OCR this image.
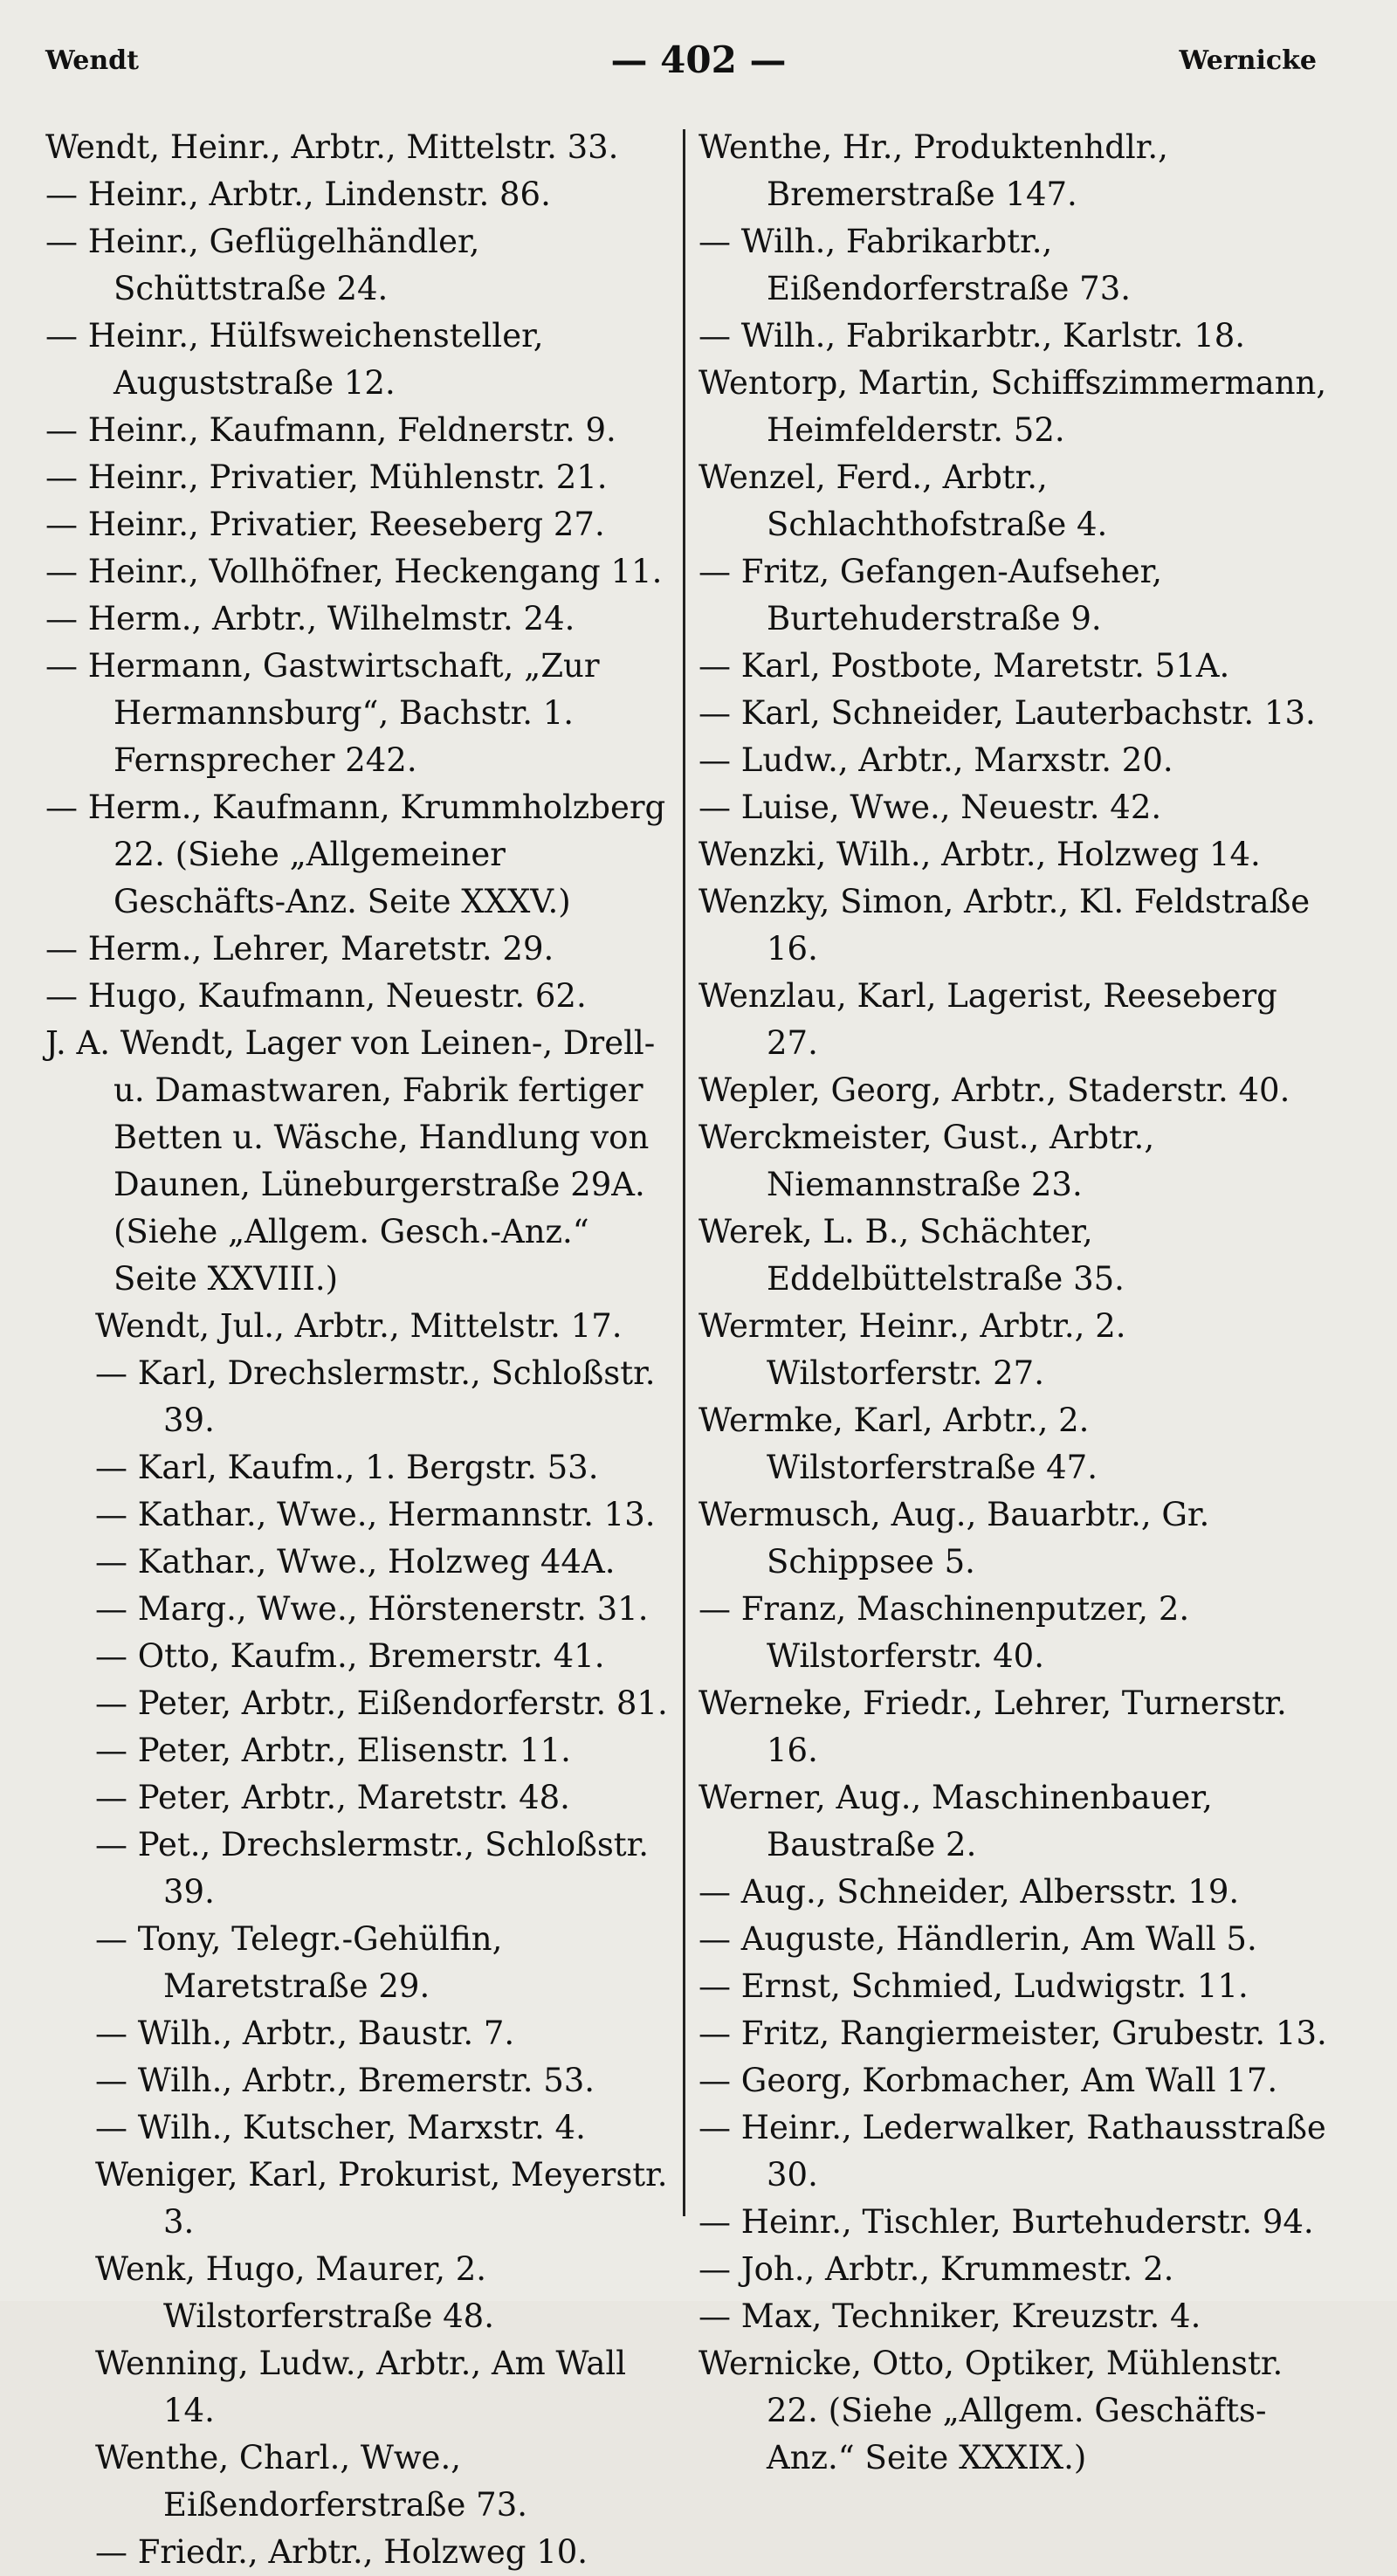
Wendt	— 402 —	Wernicke
Wendt, Heinr., Arbtr., Mittelstr. 33.
— Heinr., Arbtr., Lindenstr. 86.
— Heinr., Geflügelhändler, Schüttstraße 24.
— Heinr., Hülfsweichensteller, Auguststraße 12.
— Heinr., Kaufmann, Feldnerstr. 9.
— Heinr., Privatier, Mühlenstr. 21.
— Heinr., Privatier, Reeseberg 27.
— Heinr., Vollhöfner, Heckengang 11.
— Herm., Arbtr., Wilhelmstr. 24.
— Hermann, Gastwirtschaft, „Zur Hermannsburg“, Bachstr. 1. Fernsprecher 242.
— Herm., Kaufmann, Krummholzberg 22. (Siehe „Allgemeiner Geschäfts-Anz. Seite XXXV.)
— Herm., Lehrer, Maretstr. 29.
— Hugo, Kaufmann, Neuestr. 62.
J. A. Wendt, Lager von Leinen-, Drell- u. Damastwaren, Fabrik fertiger Betten u. Wäsche, Handlung von Daunen, Lüneburgerstraße 29A. (Siehe „Allgem. Gesch.-Anz.“ Seite XXVIII.)
Wendt, Jul., Arbtr., Mittelstr. 17.
— Karl, Drechslermstr., Schloßstr. 39.
— Karl, Kaufm., 1. Bergstr. 53.
— Kathar., Wwe., Hermannstr. 13.
— Kathar., Wwe., Holzweg 44A.
— Marg., Wwe., Hörstenerstr. 31.
— Otto, Kaufm., Bremerstr. 41.
— Peter, Arbtr., Eißendorferstr. 81.
— Peter, Arbtr., Elisenstr. 11.
— Peter, Arbtr., Maretstr. 48.
— Pet., Drechslermstr., Schloßstr. 39.
— Tony, Telegr.-Gehülfin, Maretstraße 29.
— Wilh., Arbtr., Baustr. 7.
— Wilh., Arbtr., Bremerstr. 53.
— Wilh., Kutscher, Marxstr. 4.
Weniger, Karl, Prokurist, Meyerstr. 3.
Wenk, Hugo, Maurer, 2. Wilstorferstraße 48.
Wenning, Ludw., Arbtr., Am Wall 14.
Wenthe, Charl., Wwe., Eißendorferstraße 73.
— Friedr., Arbtr., Holzweg 10.
Wenthe, Hr., Produktenhdlr., Bremerstraße 147.
— Wilh., Fabrikarbtr., Eißendorferstraße 73.
— Wilh., Fabrikarbtr., Karlstr. 18.
Wentorp, Martin, Schiffszimmermann, Heimfelderstr. 52.
Wenzel, Ferd., Arbtr., Schlachthofstraße 4.
— Fritz, Gefangen-Aufseher, Burtehuderstraße 9.
— Karl, Postbote, Maretstr. 51A.
— Karl, Schneider, Lauterbachstr. 13.
— Ludw., Arbtr., Marxstr. 20.
— Luise, Wwe., Neuestr. 42.
Wenzki, Wilh., Arbtr., Holzweg 14.
Wenzky, Simon, Arbtr., Kl. Feldstraße 16.
Wenzlau, Karl, Lagerist, Reeseberg 27.
Wepler, Georg, Arbtr., Staderstr. 40.
Werckmeister, Gust., Arbtr., Niemannstraße 23.
Werek, L. B., Schächter, Eddelbüttelstraße 35.
Wermter, Heinr., Arbtr., 2. Wilstorferstr. 27.
Wermke, Karl, Arbtr., 2. Wilstorferstraße 47.
Wermusch, Aug., Bauarbtr., Gr. Schippsee 5.
— Franz, Maschinenputzer, 2. Wilstorferstr. 40.
Werneke, Friedr., Lehrer, Turnerstr. 16.
Werner, Aug., Maschinenbauer, Baustraße 2.
— Aug., Schneider, Albersstr. 19.
— Auguste, Händlerin, Am Wall 5.
— Ernst, Schmied, Ludwigstr. 11.
— Fritz, Rangiermeister, Grubestr. 13.
— Georg, Korbmacher, Am Wall 17.
— Heinr., Lederwalker, Rathausstraße 30.
— Heinr., Tischler, Burtehuderstr. 94.
— Joh., Arbtr., Krummestr. 2.
— Max, Techniker, Kreuzstr. 4.
Wernicke, Otto, Optiker, Mühlenstr. 22. (Siehe „Allgem. Geschäfts-Anz.“ Seite XXXIX.)
